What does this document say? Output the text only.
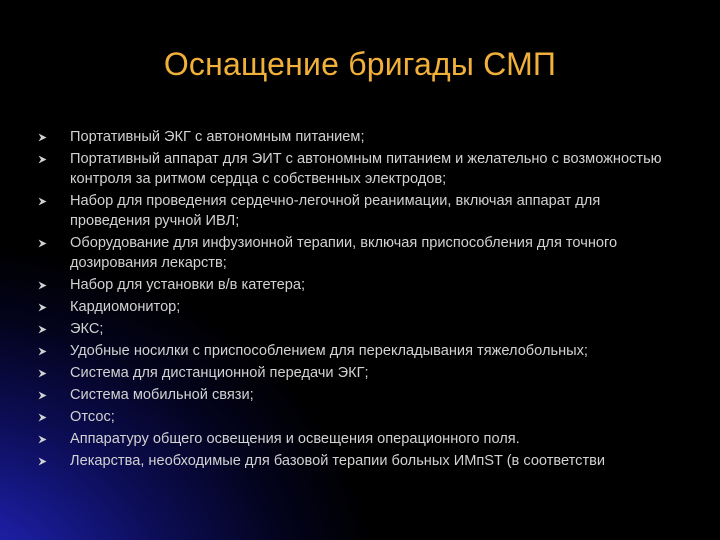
Оснащение бригады СМП
Портативный ЭКГ с автономным питанием;
Портативный аппарат для ЭИТ с автономным питанием и желательно с возможностью контроля за ритмом сердца с собственных электродов;
Набор для проведения сердечно-легочной реанимации, включая аппарат для проведения ручной ИВЛ;
Оборудование для инфузионной терапии, включая приспособления для точного дозирования лекарств;
Набор для установки в/в катетера;
Кардиомонитор;
ЭКС;
Удобные носилки с приспособлением для перекладывания тяжелобольных;
Система для дистанционной передачи ЭКГ;
Система мобильной связи;
Отсос;
Аппаратуру общего освещения и освещения операционного поля.
Лекарства, необходимые для базовой терапии больных ИМпST (в соответстви
